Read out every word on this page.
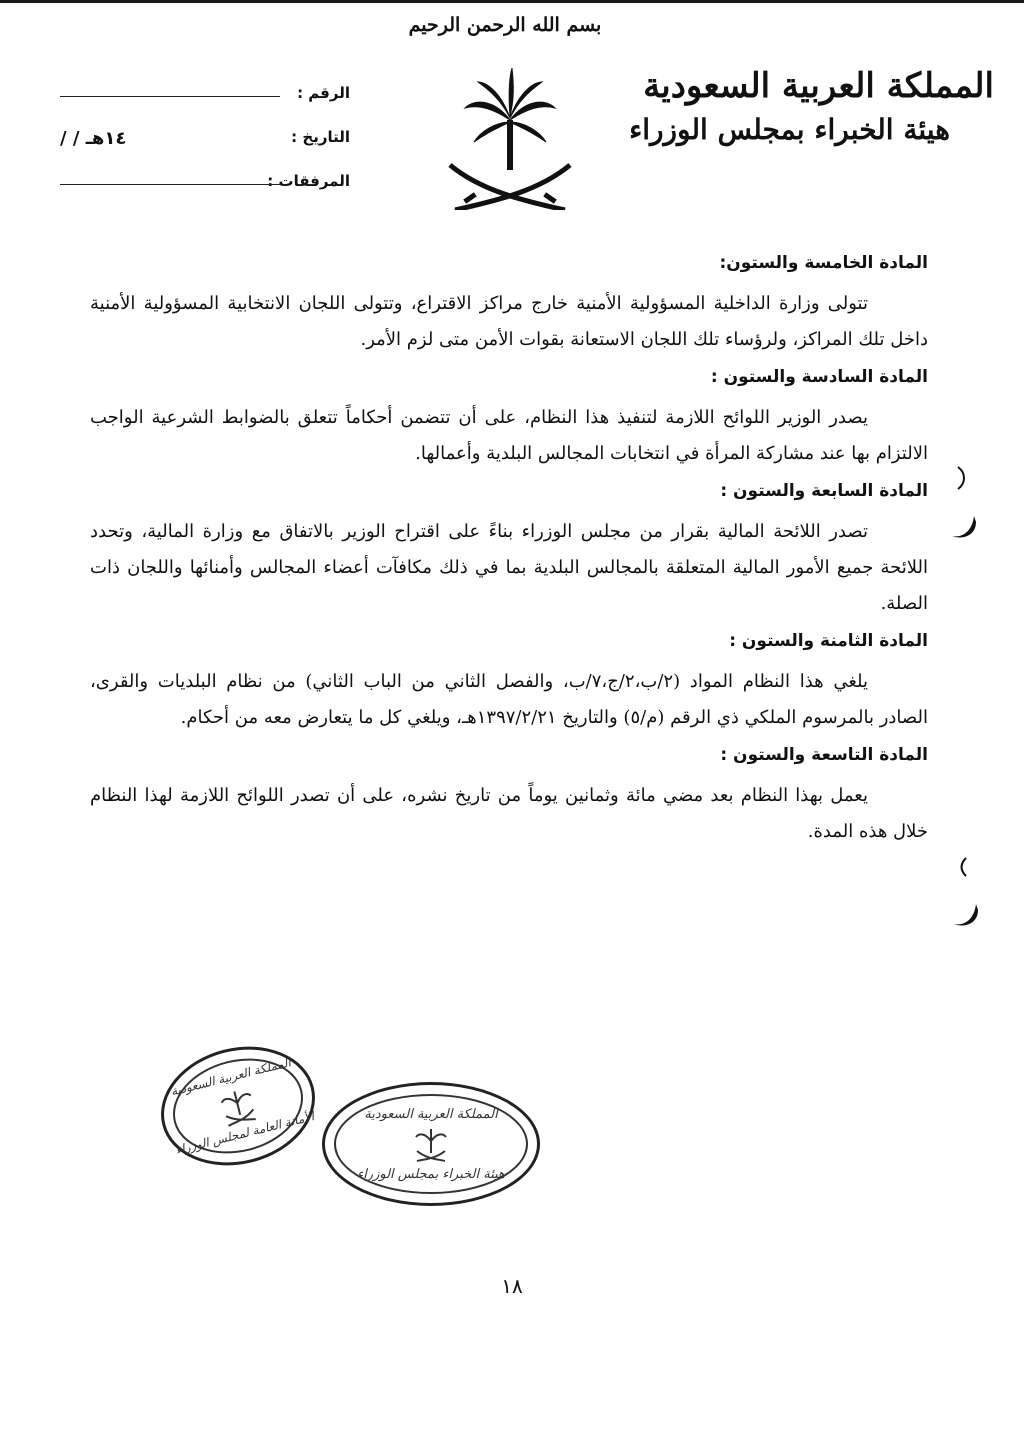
بسم الله الرحمن الرحيم
المملكة العربية السعودية
هيئة الخبراء بمجلس الوزراء
الرقم :
التاريخ :
/ / ١٤هـ
المرفقات :
المادة الخامسة والستون:

تتولى وزارة الداخلية المسؤولية الأمنية خارج مراكز الاقتراع، وتتولى اللجان الانتخابية المسؤولية الأمنية داخل تلك المراكز، ولرؤساء تلك اللجان الاستعانة بقوات الأمن متى لزم الأمر.

المادة السادسة والستون :

يصدر الوزير اللوائح اللازمة لتنفيذ هذا النظام، على أن تتضمن أحكاماً تتعلق بالضوابط الشرعية الواجب الالتزام بها عند مشاركة المرأة في انتخابات المجالس البلدية وأعمالها.

المادة السابعة والستون :

تصدر اللائحة المالية بقرار من مجلس الوزراء بناءً على اقتراح الوزير بالاتفاق مع وزارة المالية، وتحدد اللائحة جميع الأمور المالية المتعلقة بالمجالس البلدية بما في ذلك مكافآت أعضاء المجالس وأمنائها واللجان ذات الصلة.

المادة الثامنة والستون :

يلغي هذا النظام المواد (٢/ب،٢/ج،٧/ب، والفصل الثاني من الباب الثاني) من نظام البلديات والقرى، الصادر بالمرسوم الملكي ذي الرقم (م/٥) والتاريخ ١٣٩٧/٢/٢١هـ، ويلغي كل ما يتعارض معه من أحكام.

المادة التاسعة والستون :

يعمل بهذا النظام بعد مضي مائة وثمانين يوماً من تاريخ نشره، على أن تصدر اللوائح اللازمة لهذا النظام خلال هذه المدة.

المملكة العربية السعودية
الأمانة العامة لمجلس الوزراء	المملكة العربية السعودية
هيئة الخبراء بمجلس الوزراء
١٨
